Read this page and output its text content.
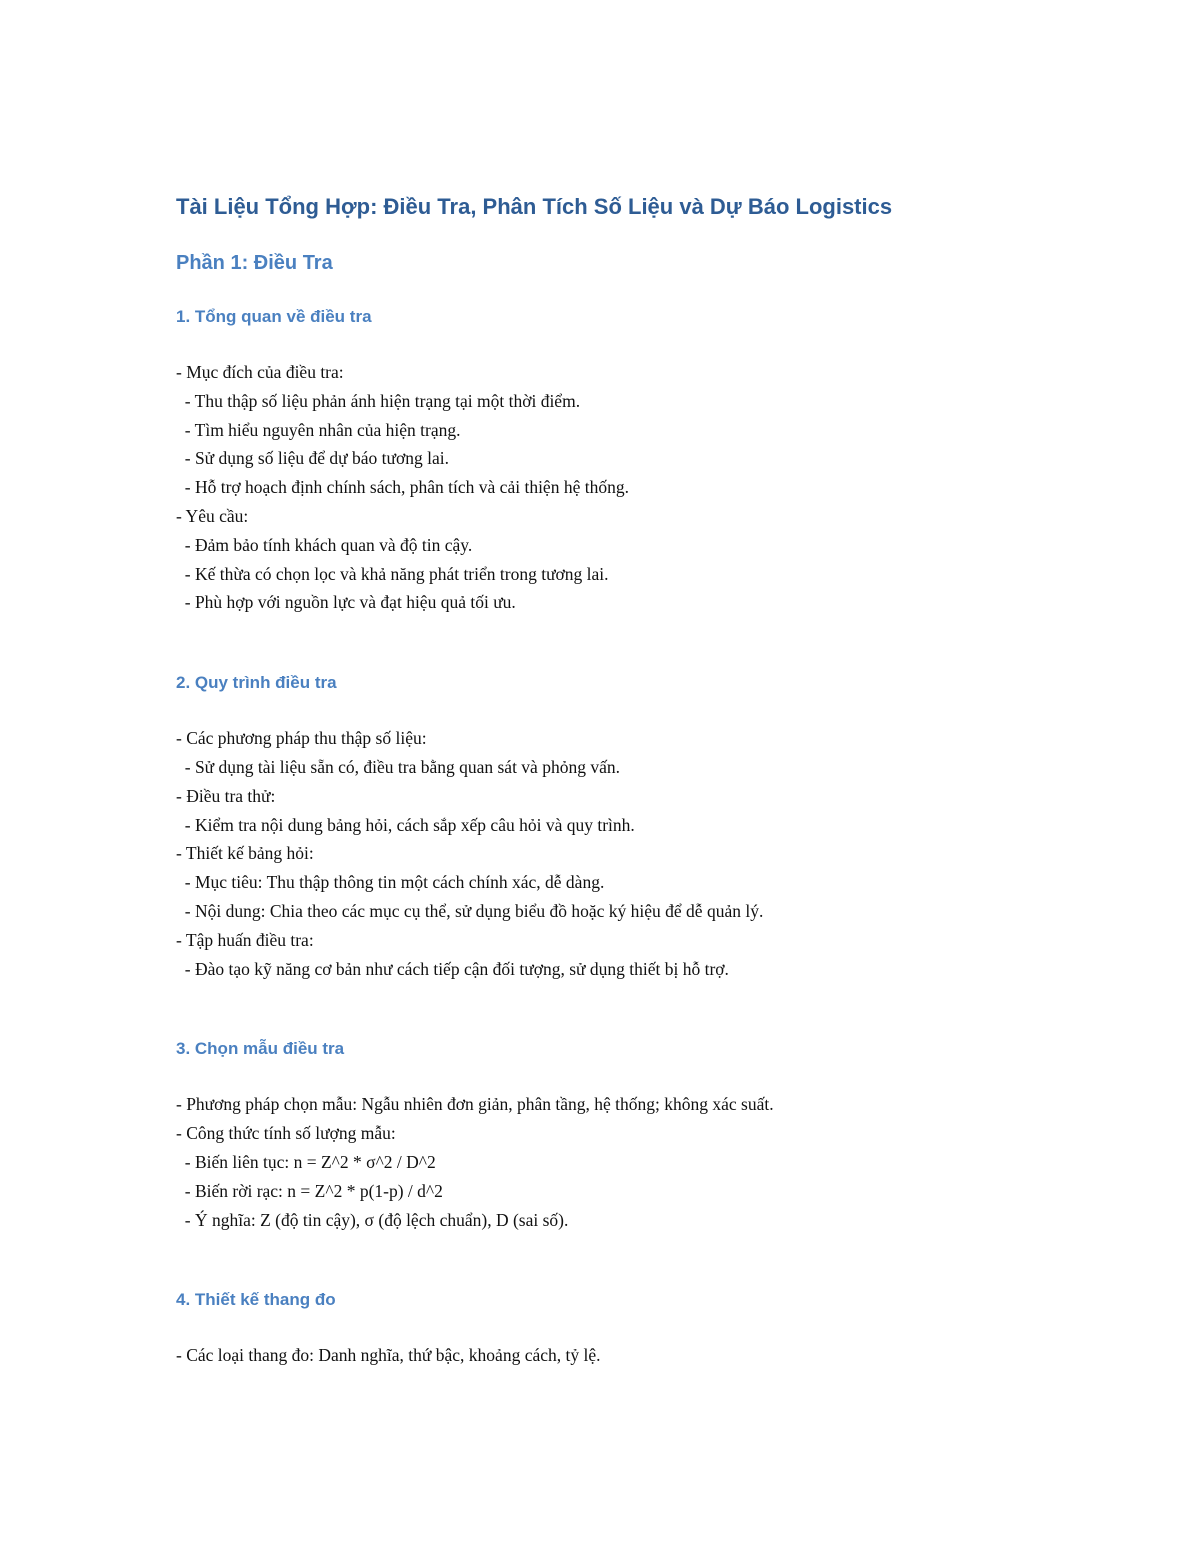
Tài Liệu Tổng Hợp: Điều Tra, Phân Tích Số Liệu và Dự Báo Logistics
Phần 1: Điều Tra
1. Tổng quan về điều tra

- Mục đích của điều tra:

- Thu thập số liệu phản ánh hiện trạng tại một thời điểm.

- Tìm hiểu nguyên nhân của hiện trạng.

- Sử dụng số liệu để dự báo tương lai.

- Hỗ trợ hoạch định chính sách, phân tích và cải thiện hệ thống.

- Yêu cầu:

- Đảm bảo tính khách quan và độ tin cậy.

- Kế thừa có chọn lọc và khả năng phát triển trong tương lai.

- Phù hợp với nguồn lực và đạt hiệu quả tối ưu.

2. Quy trình điều tra

- Các phương pháp thu thập số liệu:

- Sử dụng tài liệu sẵn có, điều tra bằng quan sát và phỏng vấn.

- Điều tra thử:

- Kiểm tra nội dung bảng hỏi, cách sắp xếp câu hỏi và quy trình.

- Thiết kế bảng hỏi:

- Mục tiêu: Thu thập thông tin một cách chính xác, dễ dàng.

- Nội dung: Chia theo các mục cụ thể, sử dụng biểu đồ hoặc ký hiệu để dễ quản lý.

- Tập huấn điều tra:

- Đào tạo kỹ năng cơ bản như cách tiếp cận đối tượng, sử dụng thiết bị hỗ trợ.

3. Chọn mẫu điều tra

- Phương pháp chọn mẫu: Ngẫu nhiên đơn giản, phân tầng, hệ thống; không xác suất.

- Công thức tính số lượng mẫu:

- Biến liên tục: n = Z^2 * σ^2 / D^2

- Biến rời rạc: n = Z^2 * p(1-p) / d^2

- Ý nghĩa: Z (độ tin cậy), σ (độ lệch chuẩn), D (sai số).

4. Thiết kế thang đo

- Các loại thang đo: Danh nghĩa, thứ bậc, khoảng cách, tỷ lệ.
